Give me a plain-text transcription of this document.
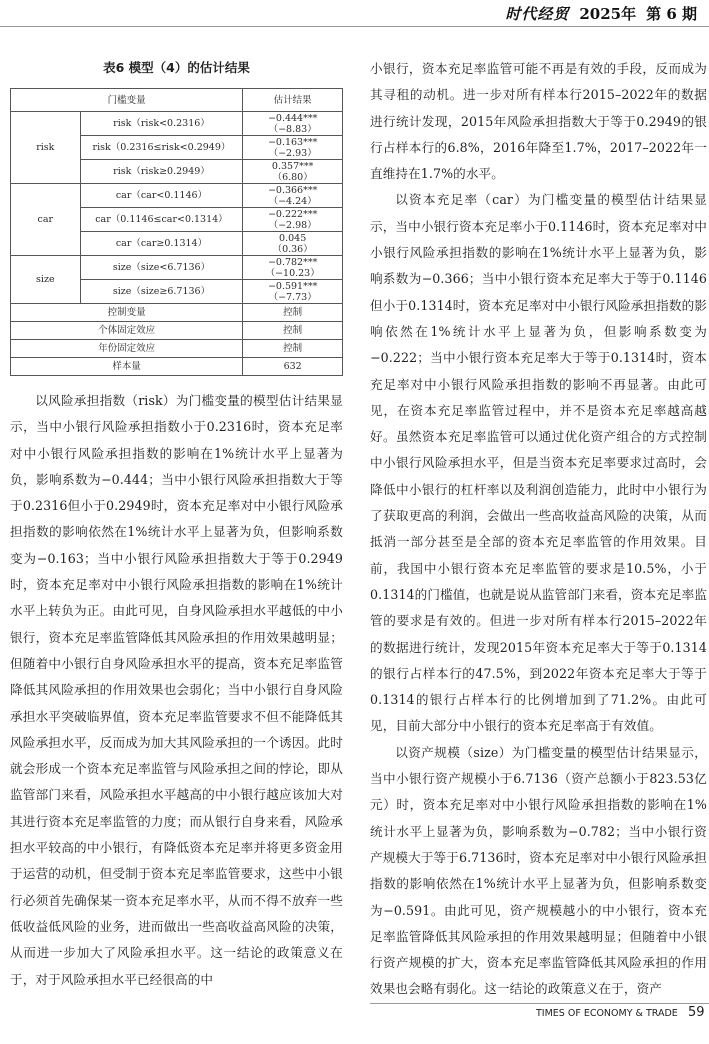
时代经贸 2025年 第 6 期
表6 模型（4）的估计结果
门槛变量		估计结果
risk	risk（risk<0.2316）	−0.444***
（−8.83）

	risk（0.2316≤risk<0.2949）	−0.163***
（−2.93）

	risk（risk≥0.2949）	0.357***
（6.80）

car	car（car<0.1146）	−0.366***
（−4.24）

	car（0.1146≤car<0.1314）	−0.222***
（−2.98）

	car（car≥0.1314）	0.045
（0.36）

size	size（size<6.7136）	−0.782***
（−10.23）

	size（size≥6.7136）	−0.591***
（−7.73）

控制变量		控制
个体固定效应		控制
年份固定效应		控制
样本量		632

以风险承担指数（risk）为门槛变量的模型估计结果显示，当中小银行风险承担指数小于0.2316时，资本充足率对中小银行风险承担指数的影响在1%统计水平上显著为负，影响系数为−0.444；当中小银行风险承担指数大于等于0.2316但小于0.2949时，资本充足率对中小银行风险承担指数的影响依然在1%统计水平上显著为负，但影响系数变为−0.163；当中小银行风险承担指数大于等于0.2949时，资本充足率对中小银行风险承担指数的影响在1%统计水平上转负为正。由此可见，自身风险承担水平越低的中小银行，资本充足率监管降低其风险承担的作用效果越明显；但随着中小银行自身风险承担水平的提高，资本充足率监管降低其风险承担的作用效果也会弱化；当中小银行自身风险承担水平突破临界值，资本充足率监管要求不但不能降低其风险承担水平，反而成为加大其风险承担的一个诱因。此时就会形成一个资本充足率监管与风险承担之间的悖论，即从监管部门来看，风险承担水平越高的中小银行越应该加大对其进行资本充足率监管的力度；而从银行自身来看，风险承担水平较高的中小银行，有降低资本充足率并将更多资金用于运营的动机，但受制于资本充足率监管要求，这些中小银行必须首先确保某一资本充足率水平，从而不得不放弃一些低收益低风险的业务，进而做出一些高收益高风险的决策，从而进一步加大了风险承担水平。这一结论的政策意义在于，对于风险承担水平已经很高的中

小银行，资本充足率监管可能不再是有效的手段，反而成为其寻租的动机。进一步对所有样本行2015–2022年的数据进行统计发现，2015年风险承担指数大于等于0.2949的银行占样本行的6.8%，2016年降至1.7%，2017–2022年一直维持在1.7%的水平。

以资本充足率（car）为门槛变量的模型估计结果显示，当中小银行资本充足率小于0.1146时，资本充足率对中小银行风险承担指数的影响在1%统计水平上显著为负，影响系数为−0.366；当中小银行资本充足率大于等于0.1146但小于0.1314时，资本充足率对中小银行风险承担指数的影响依然在1%统计水平上显著为负，但影响系数变为−0.222；当中小银行资本充足率大于等于0.1314时，资本充足率对中小银行风险承担指数的影响不再显著。由此可见，在资本充足率监管过程中，并不是资本充足率越高越好。虽然资本充足率监管可以通过优化资产组合的方式控制中小银行风险承担水平，但是当资本充足率要求过高时，会降低中小银行的杠杆率以及利润创造能力，此时中小银行为了获取更高的利润，会做出一些高收益高风险的决策，从而抵消一部分甚至是全部的资本充足率监管的作用效果。目前，我国中小银行资本充足率监管的要求是10.5%，小于0.1314的门槛值，也就是说从监管部门来看，资本充足率监管的要求是有效的。但进一步对所有样本行2015–2022年的数据进行统计，发现2015年资本充足率大于等于0.1314的银行占样本行的47.5%，到2022年资本充足率大于等于0.1314的银行占样本行的比例增加到了71.2%。由此可见，目前大部分中小银行的资本充足率高于有效值。

以资产规模（size）为门槛变量的模型估计结果显示，当中小银行资产规模小于6.7136（资产总额小于823.53亿元）时，资本充足率对中小银行风险承担指数的影响在1%统计水平上显著为负，影响系数为−0.782；当中小银行资产规模大于等于6.7136时，资本充足率对中小银行风险承担指数的影响依然在1%统计水平上显著为负，但影响系数变为−0.591。由此可见，资产规模越小的中小银行，资本充足率监管降低其风险承担的作用效果越明显；但随着中小银行资产规模的扩大，资本充足率监管降低其风险承担的作用效果也会略有弱化。这一结论的政策意义在于，资产

TIMES OF ECONOMY & TRADE 59
